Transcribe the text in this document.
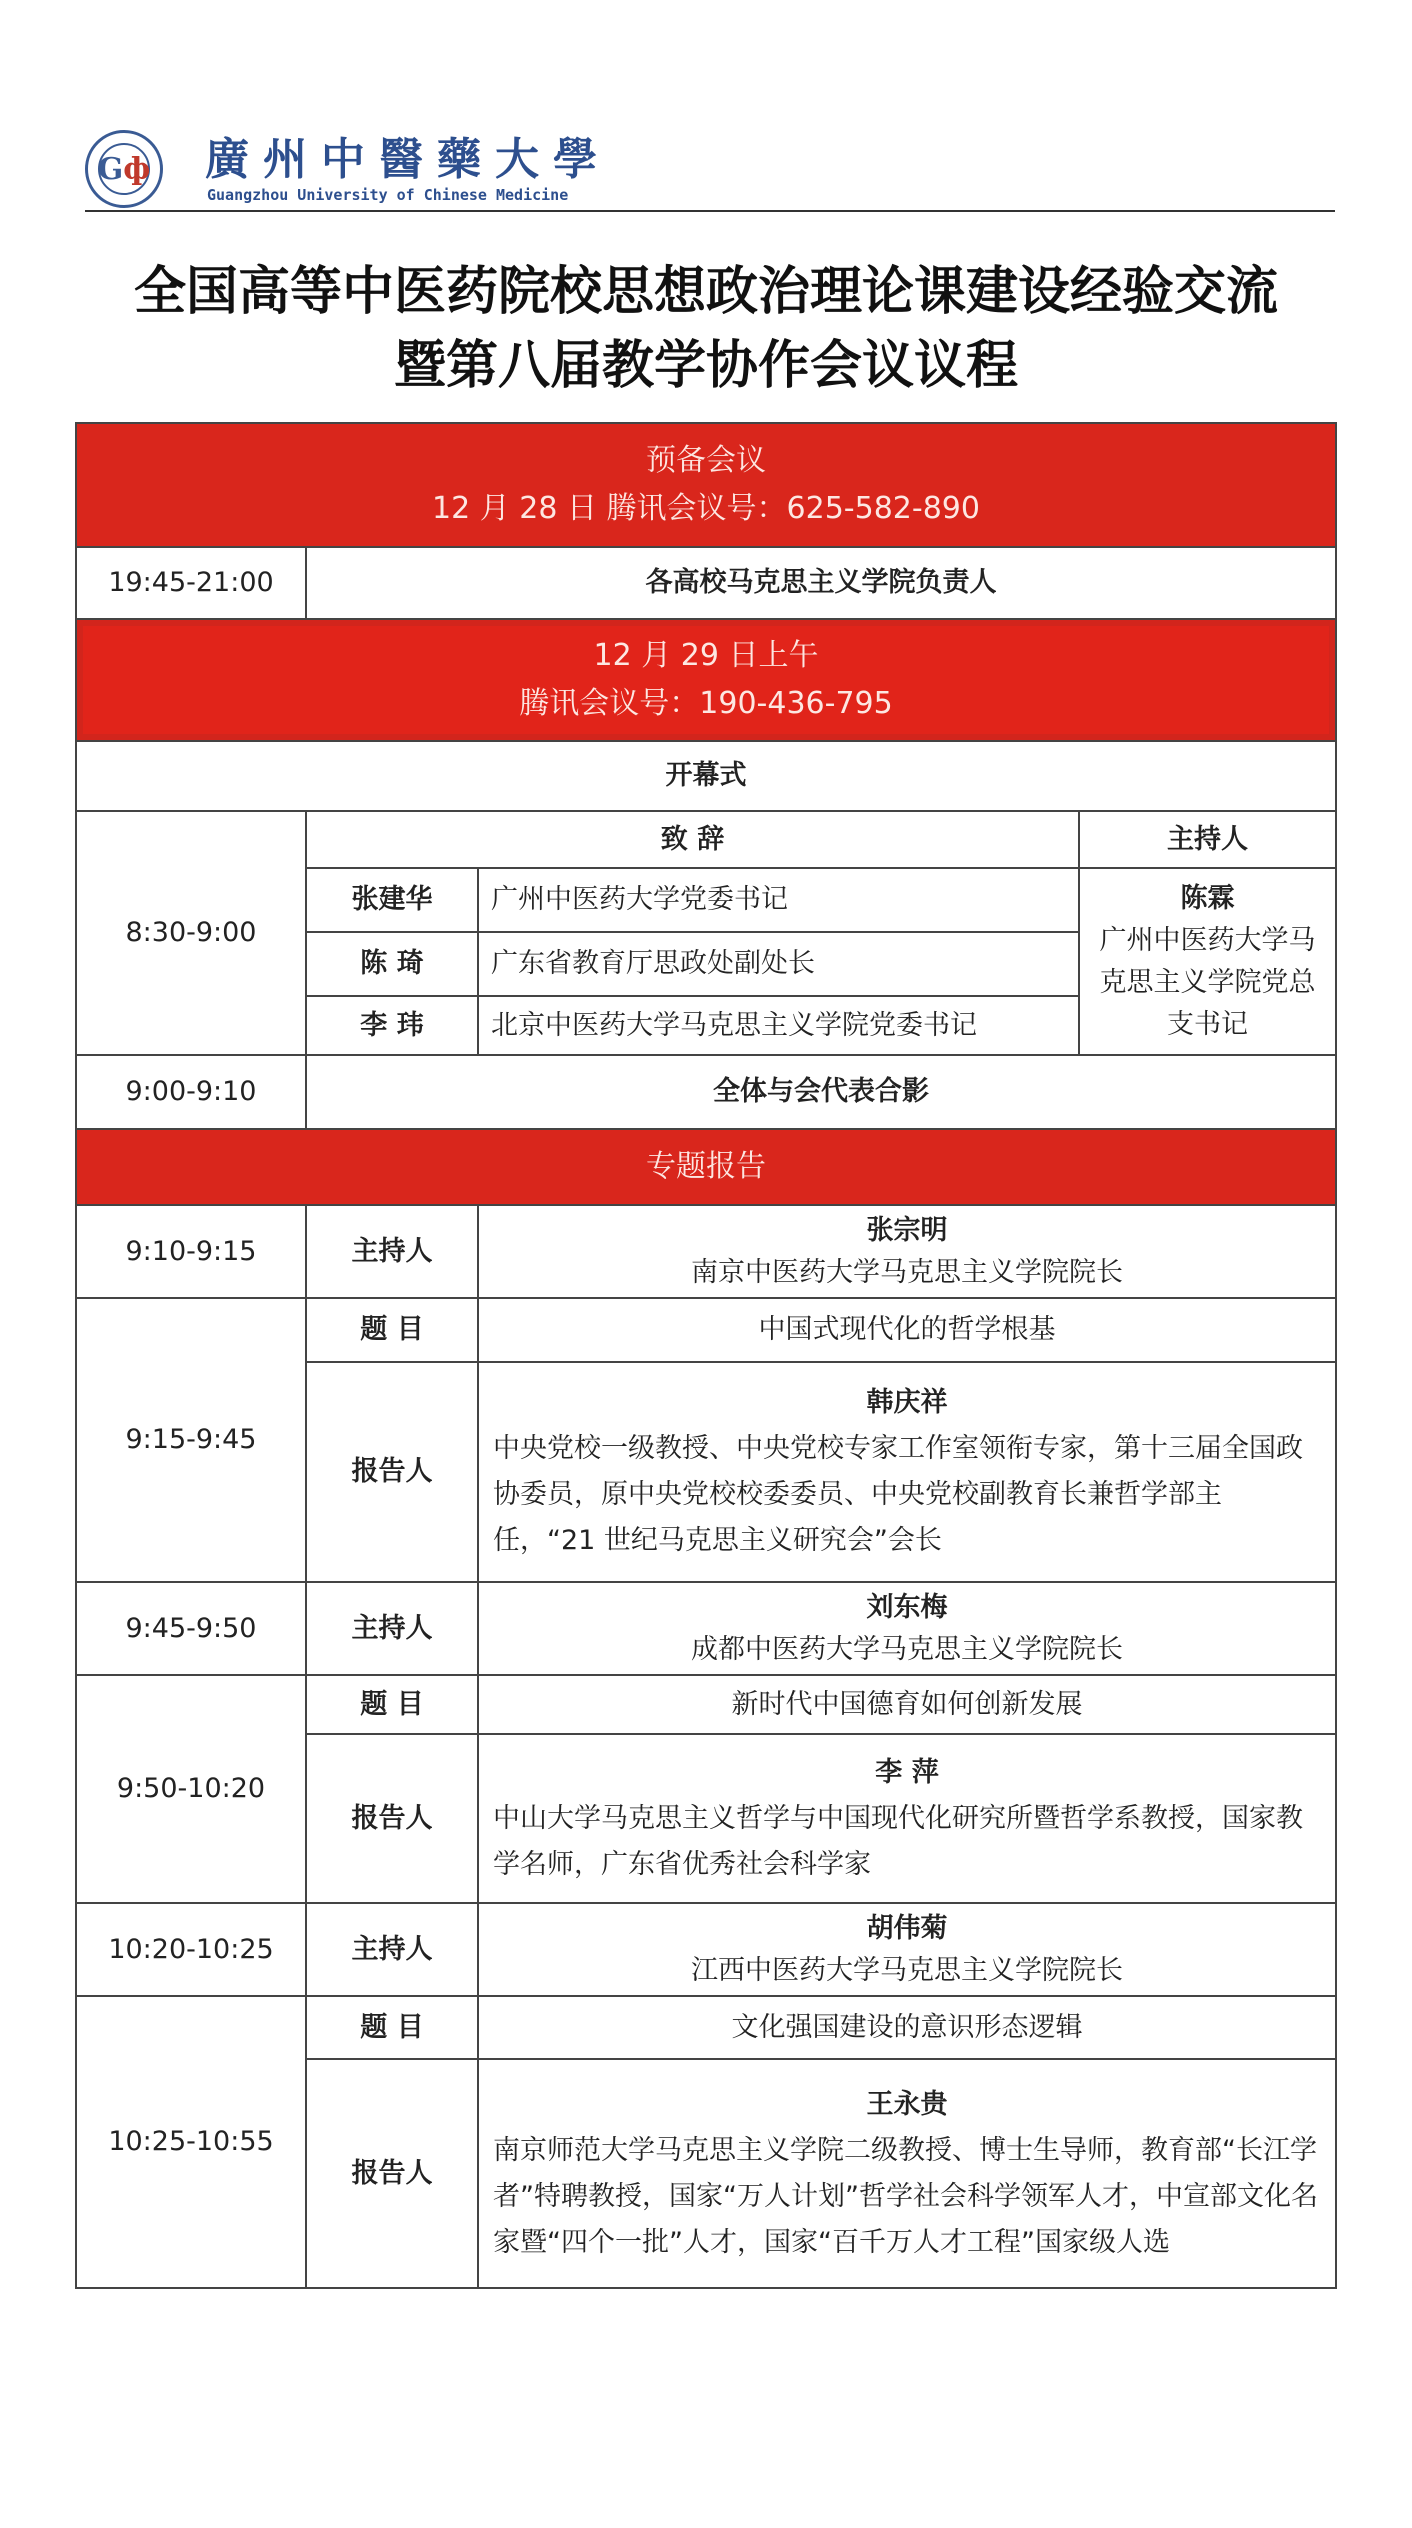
G ф 廣州中醫藥大學
Guangzhou University of Chinese Medicine
全国高等中医药院校思想政治理论课建设经验交流
暨第八届教学协作会议议程
预备会议
12 月 28 日 腾讯会议号：625-582-890			

19:45-21:00	各高校马克思主义学院负责人		

12 月 29 日上午
腾讯会议号：190-436-795			

开幕式			
8:30-9:00	致 辞		主持人
	张建华	广州中医药大学党委书记	陈霖
广州中医药大学马克思主义学院党总支书记
	陈 琦	广东省教育厅思政处副处长	
	李 玮	北京中医药大学马克思主义学院党委书记	
9:00-9:10	全体与会代表合影		
专题报告			
9:10-9:15	主持人	张宗明
南京中医药大学马克思主义学院院长	
9:15-9:45	题 目	中国式现代化的哲学根基	
	报告人	韩庆祥
中央党校一级教授、中央党校专家工作室领衔专家，第十三届全国政协委员，原中央党校校委委员、中央党校副教育长兼哲学部主任，“21 世纪马克思主义研究会”会长	

9:45-9:50	主持人	刘东梅
成都中医药大学马克思主义学院院长	
9:50-10:20	题 目	新时代中国德育如何创新发展	
	报告人	李 萍
中山大学马克思主义哲学与中国现代化研究所暨哲学系教授，国家教学名师，广东省优秀社会科学家	

10:20-10:25	主持人	胡伟菊
江西中医药大学马克思主义学院院长	
10:25-10:55	题 目	文化强国建设的意识形态逻辑	
	报告人	王永贵
南京师范大学马克思主义学院二级教授、博士生导师，教育部“长江学者”特聘教授，国家“万人计划”哲学社会科学领军人才，中宣部文化名家暨“四个一批”人才，国家“百千万人才工程”国家级人选	
